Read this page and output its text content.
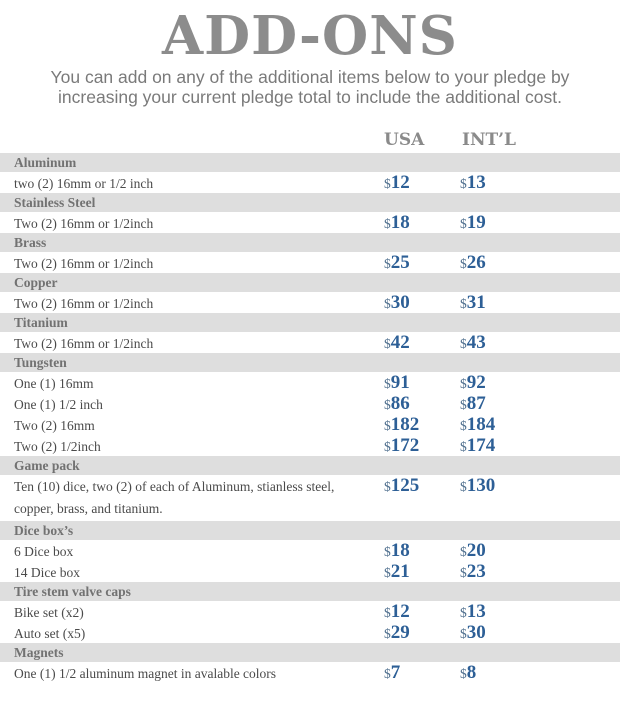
ADD-ONS
You can add on any of the additional items below to your pledge by
increasing your current pledge total to include the additional cost.
USA INT’L
Aluminum
two (2) 16mm or 1/2 inch	$12	$13
Stainless Steel
Two (2) 16mm or 1/2inch	$18	$19
Brass
Two (2) 16mm or 1/2inch	$25	$26
Copper
Two (2) 16mm or 1/2inch	$30	$31
Titanium
Two (2) 16mm or 1/2inch	$42	$43
Tungsten
One (1) 16mm	$91	$92
One (1) 1/2 inch	$86	$87
Two (2) 16mm	$182	$184
Two (2) 1/2inch	$172	$174
Game pack
Ten (10) dice, two (2) of each of Aluminum, stianless steel, copper, brass, and titanium.
$125	$130
Dice box’s
6 Dice box	$18	$20
14 Dice box	$21	$23
Tire stem valve caps
Bike set (x2)	$12	$13
Auto set (x5)	$29	$30
Magnets
One (1) 1/2 aluminum magnet in avalable colors	$7	$8
